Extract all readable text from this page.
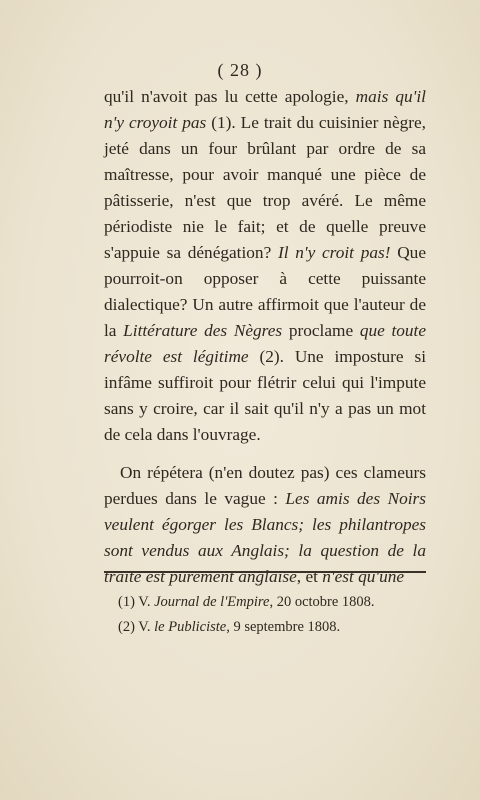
( 28 )

qu'il n'avoit pas lu cette apologie, mais qu'il n'y croyoit pas (1). Le trait du cuisinier nègre, jeté dans un four brûlant par ordre de sa maîtresse, pour avoir manqué une pièce de pâtisserie, n'est que trop avéré. Le même périodiste nie le fait; et de quelle preuve s'appuie sa dénégation? Il n'y croit pas! Que pourroit-on opposer à cette puissante dialectique? Un autre affirmoit que l'auteur de la Littérature des Nègres proclame que toute révolte est légitime (2). Une imposture si infâme suffiroit pour flétrir celui qui l'impute sans y croire, car il sait qu'il n'y a pas un mot de cela dans l'ouvrage.

On répétera (n'en doutez pas) ces clameurs perdues dans le vague : Les amis des Noirs veulent égorger les Blancs; les philantropes sont vendus aux Anglais; la question de la traite est purement anglaise, et n'est qu'une

(1) V. Journal de l'Empire, 20 octobre 1808.

(2) V. le Publiciste, 9 septembre 1808.
